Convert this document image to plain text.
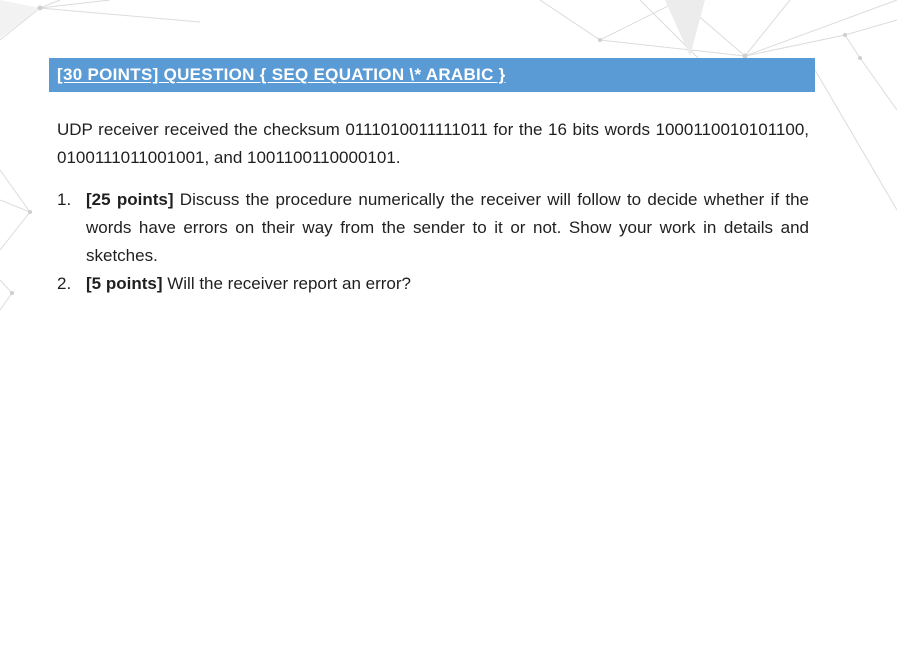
[30 POINTS] QUESTION { SEQ EQUATION \* ARABIC }

UDP receiver received the checksum 0111010011111011 for the 16 bits words 1000110010101100, 0100111011001001, and 1001100110000101.

1. [25 points] Discuss the procedure numerically the receiver will follow to decide whether if the words have errors on their way from the sender to it or not. Show your work in details and sketches.
2. [5 points] Will the receiver report an error?
